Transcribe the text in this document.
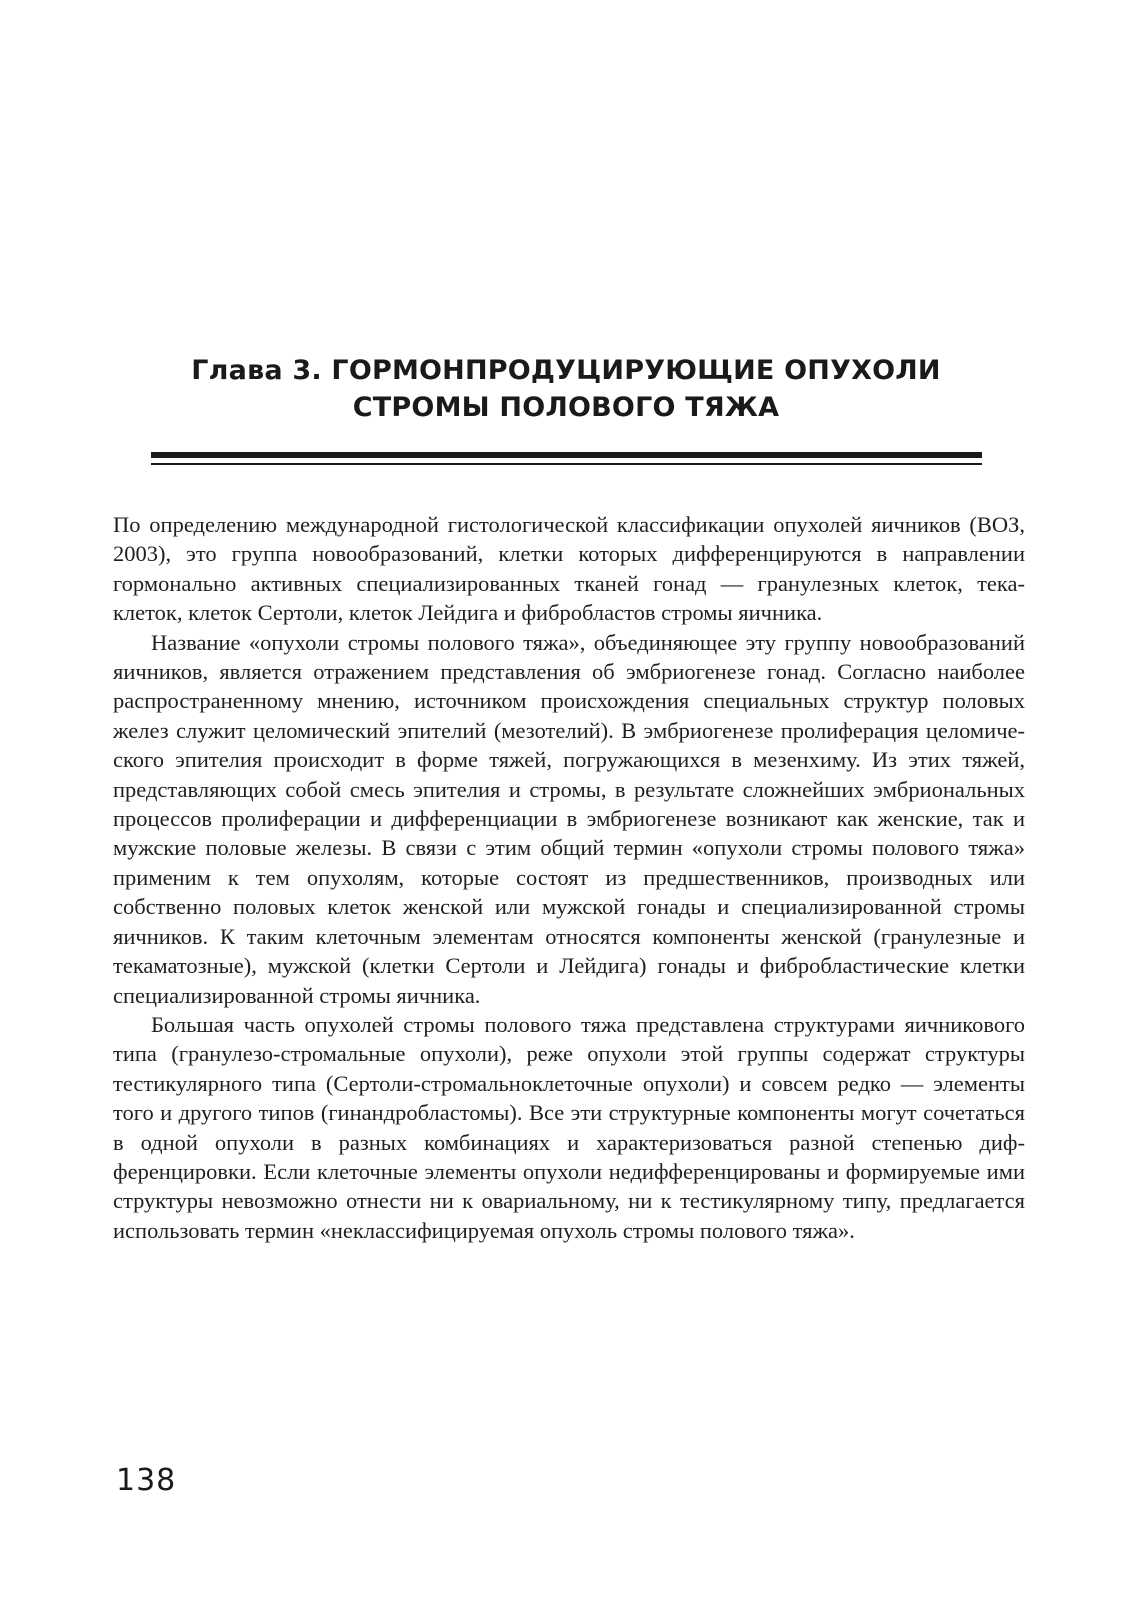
Глава 3. ГОРМОНПРОДУЦИРУЮЩИЕ ОПУХОЛИ
СТРОМЫ ПОЛОВОГО ТЯЖА

По определению международной гистологической классификации опухолей яичников (ВОЗ, 2003), это группа новообразований, клетки которых дифференцируются в направлении гормонально активных специализированных тканей гонад — гранулезных клеток, тека-клеток, клеток Сертоли, клеток Лейдига и фибробластов стромы яичника.

Название «опухоли стромы полового тяжа», объединяющее эту группу новообразований яичников, является отражением представления об эмбриогенезе гонад. Согласно наиболее распространенному мнению, источником происхождения специальных структур половых желез служит целомический эпителий (мезотелий). В эмбриогенезе пролиферация целомического эпителия происходит в форме тяжей, погружающихся в мезенхиму. Из этих тяжей, представляющих собой смесь эпителия и стромы, в результате сложнейших эмбриональных процессов пролиферации и дифференциации в эмбриогенезе возникают как женские, так и мужские половые железы. В связи с этим общий термин «опухоли стромы полового тяжа» применим к тем опухолям, которые состоят из предшественников, производных или собственно половых клеток женской или мужской гонады и специализированной стромы яичников. К таким клеточным элементам относятся компоненты женской (гранулезные и текаматозные), мужской (клетки Сертоли и Лейдига) гонады и фибробластические клетки специализированной стромы яичника.

Большая часть опухолей стромы полового тяжа представлена структурами яичникового типа (гранулезо-стромальные опухоли), реже опухоли этой группы содержат структуры тестикулярного типа (Сертоли-стромальноклеточные опухоли) и совсем редко — элементы того и другого типов (гинандробластомы). Все эти структурные компоненты могут сочетаться в одной опухоли в разных комбинациях и характеризоваться разной степенью дифференцировки. Если клеточные элементы опухоли недифференцированы и формируемые ими структуры невозможно отнести ни к овариальному, ни к тестикулярному типу, предлагается использовать термин «неклассифицируемая опухоль стромы полового тяжа».

138
